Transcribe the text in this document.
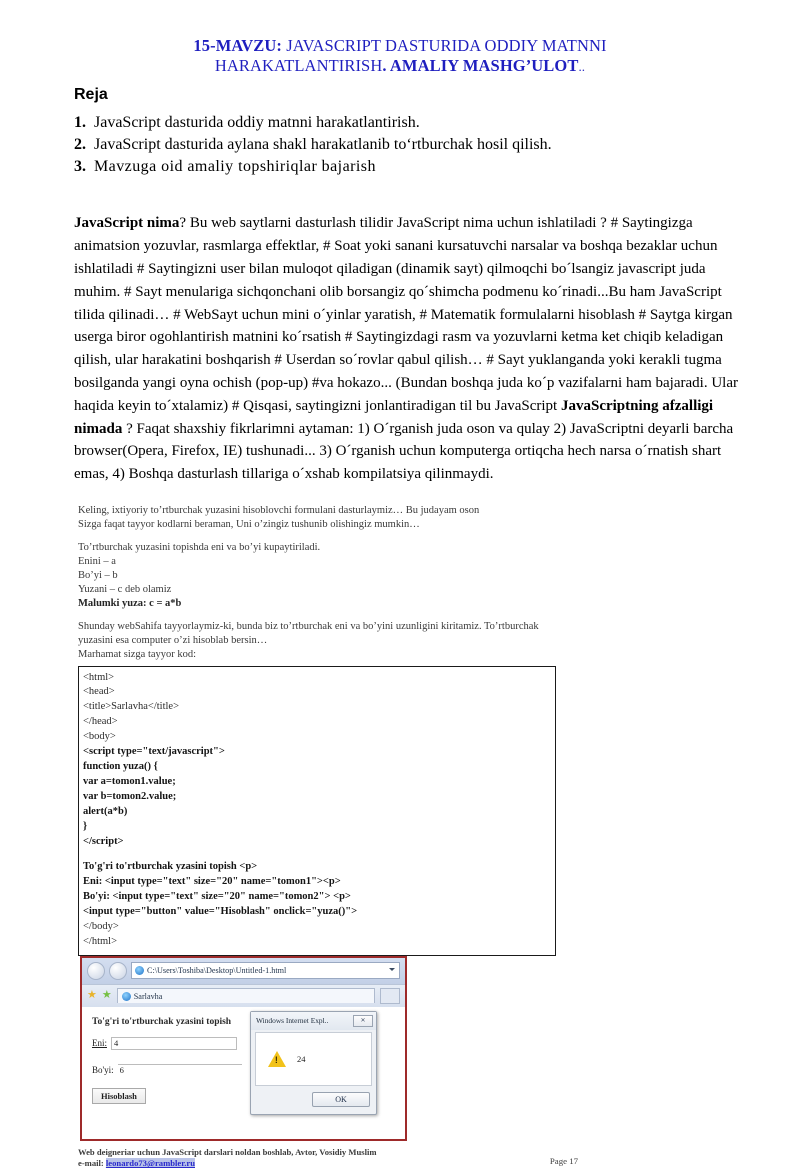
15-MAVZU: JAVASCRIPT DASTURIDA ODDIY MATNNI
HARAKATLANTIRISH. AMALIY MASHG’ULOT..
Reja
1. JavaScript dasturida oddiy matnni harakatlantirish.
2. JavaScript dasturida aylana shakl harakatlanib to‘rtburchak hosil qilish.
3. Mavzuga oid amaliy topshiriqlar bajarish

JavaScript nima? Bu web saytlarni dasturlash tilidir JavaScript nima uchun ishlatiladi ? # Saytingizga animatsion yozuvlar, rasmlarga effektlar, # Soat yoki sanani kursatuvchi narsalar va boshqa bezaklar uchun ishlatiladi # Saytingizni user bilan muloqot qiladigan (dinamik sayt) qilmoqchi bo´lsangiz javascript juda muhim. # Sayt menulariga sichqonchani olib borsangiz qo´shimcha podmenu ko´rinadi...Bu ham JavaScript tilida qilinadi… # WebSayt uchun mini o´yinlar yaratish, # Matematik formulalarni hisoblash # Saytga kirgan userga biror ogohlantirish matnini ko´rsatish # Saytingizdagi rasm va yozuvlarni ketma ket chiqib keladigan qilish, ular harakatini boshqarish # Userdan so´rovlar qabul qilish… # Sayt yuklanganda yoki kerakli tugma bosilganda yangi oyna ochish (pop-up) #va hokazo... (Bundan boshqa juda ko´p vazifalarni ham bajaradi. Ular haqida keyin to´xtalamiz) # Qisqasi, saytingizni jonlantiradigan til bu JavaScript JavaScriptning afzalligi nimada ? Faqat shaxshiy fikrlarimni aytaman: 1) O´rganish juda oson va qulay 2) JavaScriptni deyarli barcha browser(Opera, Firefox, IE) tushunadi... 3) O´rganish uchun komputerga ortiqcha hech narsa o´rnatish shart emas, 4) Boshqa dasturlash tillariga o´xshab kompilatsiya qilinmaydi.

Keling, ixtiyoriy to’rtburchak yuzasini hisoblovchi formulani dasturlaymiz… Bu judayam oson
Sizga faqat tayyor kodlarni beraman, Uni o’zingiz tushunib olishingiz mumkin…
To’rtburchak yuzasini topishda eni va bo’yi kupaytiriladi.
Enini – a
Bo’yi – b
Yuzani – c deb olamiz
Malumki yuza: c = a*b
Shunday webSahifa tayyorlaymiz-ki, bunda biz to’rtburchak eni va bo’yini uzunligini kiritamiz. To’rtburchak
yuzasini esa computer o’zi hisoblab bersin…
Marhamat sizga tayyor kod:
<html>
<head>
<title>Sarlavha</title>
</head>
<body>
<script type="text/javascript">
function yuza() {
var a=tomon1.value;
var b=tomon2.value;
alert(a*b)
}
</script>
To'g'ri to'rtburchak yzasini topish <p>
Eni: <input type="text" size="20" name="tomon1"><p>
Bo'yi: <input type="text" size="20" name="tomon2"> <p>
<input type="button" value="Hisoblash" onclick="yuza()">
</body>
</html>
C:\Users\Toshiba\Desktop\Untitled-1.html
★ ★	Sarlavha
To'g'ri to'rtburchak yzasini topish
Eni: 4
Bo'yi: 6
Hisoblash
Windows Internet Expl..	✕
!
24
OK
Web deigneriar uchun JavaScript darslari noldan boshlab, Avtor, Vosidiy Muslim
e-mail: leonardo73@rambler.ru	Page 17
